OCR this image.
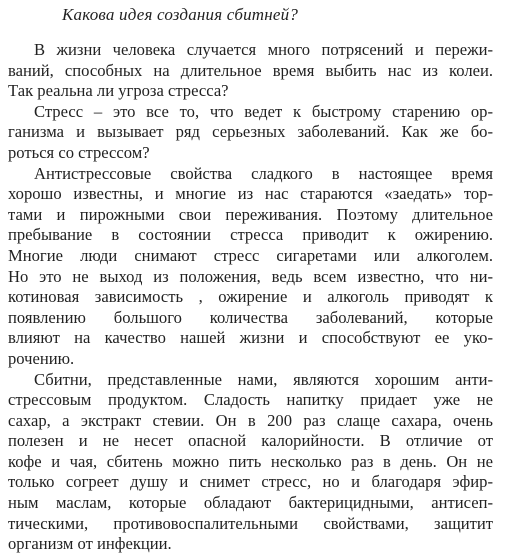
Какова идея создания сбитней?

В жизни человека случается много потрясений и пережи-
ваний, способных на длительное время выбить нас из колеи.
Так реальна ли угроза стресса?

Стресс – это все то, что ведет к быстрому старению ор-
ганизма и вызывает ряд серьезных заболеваний. Как же бо-
роться со стрессом?

Антистрессовые свойства сладкого в настоящее время
хорошо известны, и многие из нас стараются «заедать» тор-
тами и пирожными свои переживания. Поэтому длительное
пребывание в состоянии стресса приводит к ожирению.
Многие люди снимают стресс сигаретами или алкоголем.
Но это не выход из положения, ведь всем известно, что ни-
котиновая зависимость , ожирение и алкоголь приводят к
появлению большого количества заболеваний, которые
влияют на качество нашей жизни и способствуют ее уко-
рочению.

Сбитни, представленные нами, являются хорошим анти-
стрессовым продуктом. Сладость напитку придает уже не
сахар, а экстракт стевии. Он в 200 раз слаще сахара, очень
полезен и не несет опасной калорийности. В отличие от
кофе и чая, сбитень можно пить несколько раз в день. Он не
только согреет душу и снимет стресс, но и благодаря эфир-
ным маслам, которые обладают бактерицидными, антисеп-
тическими, противовоспалительными свойствами, защитит
организм от инфекции.
